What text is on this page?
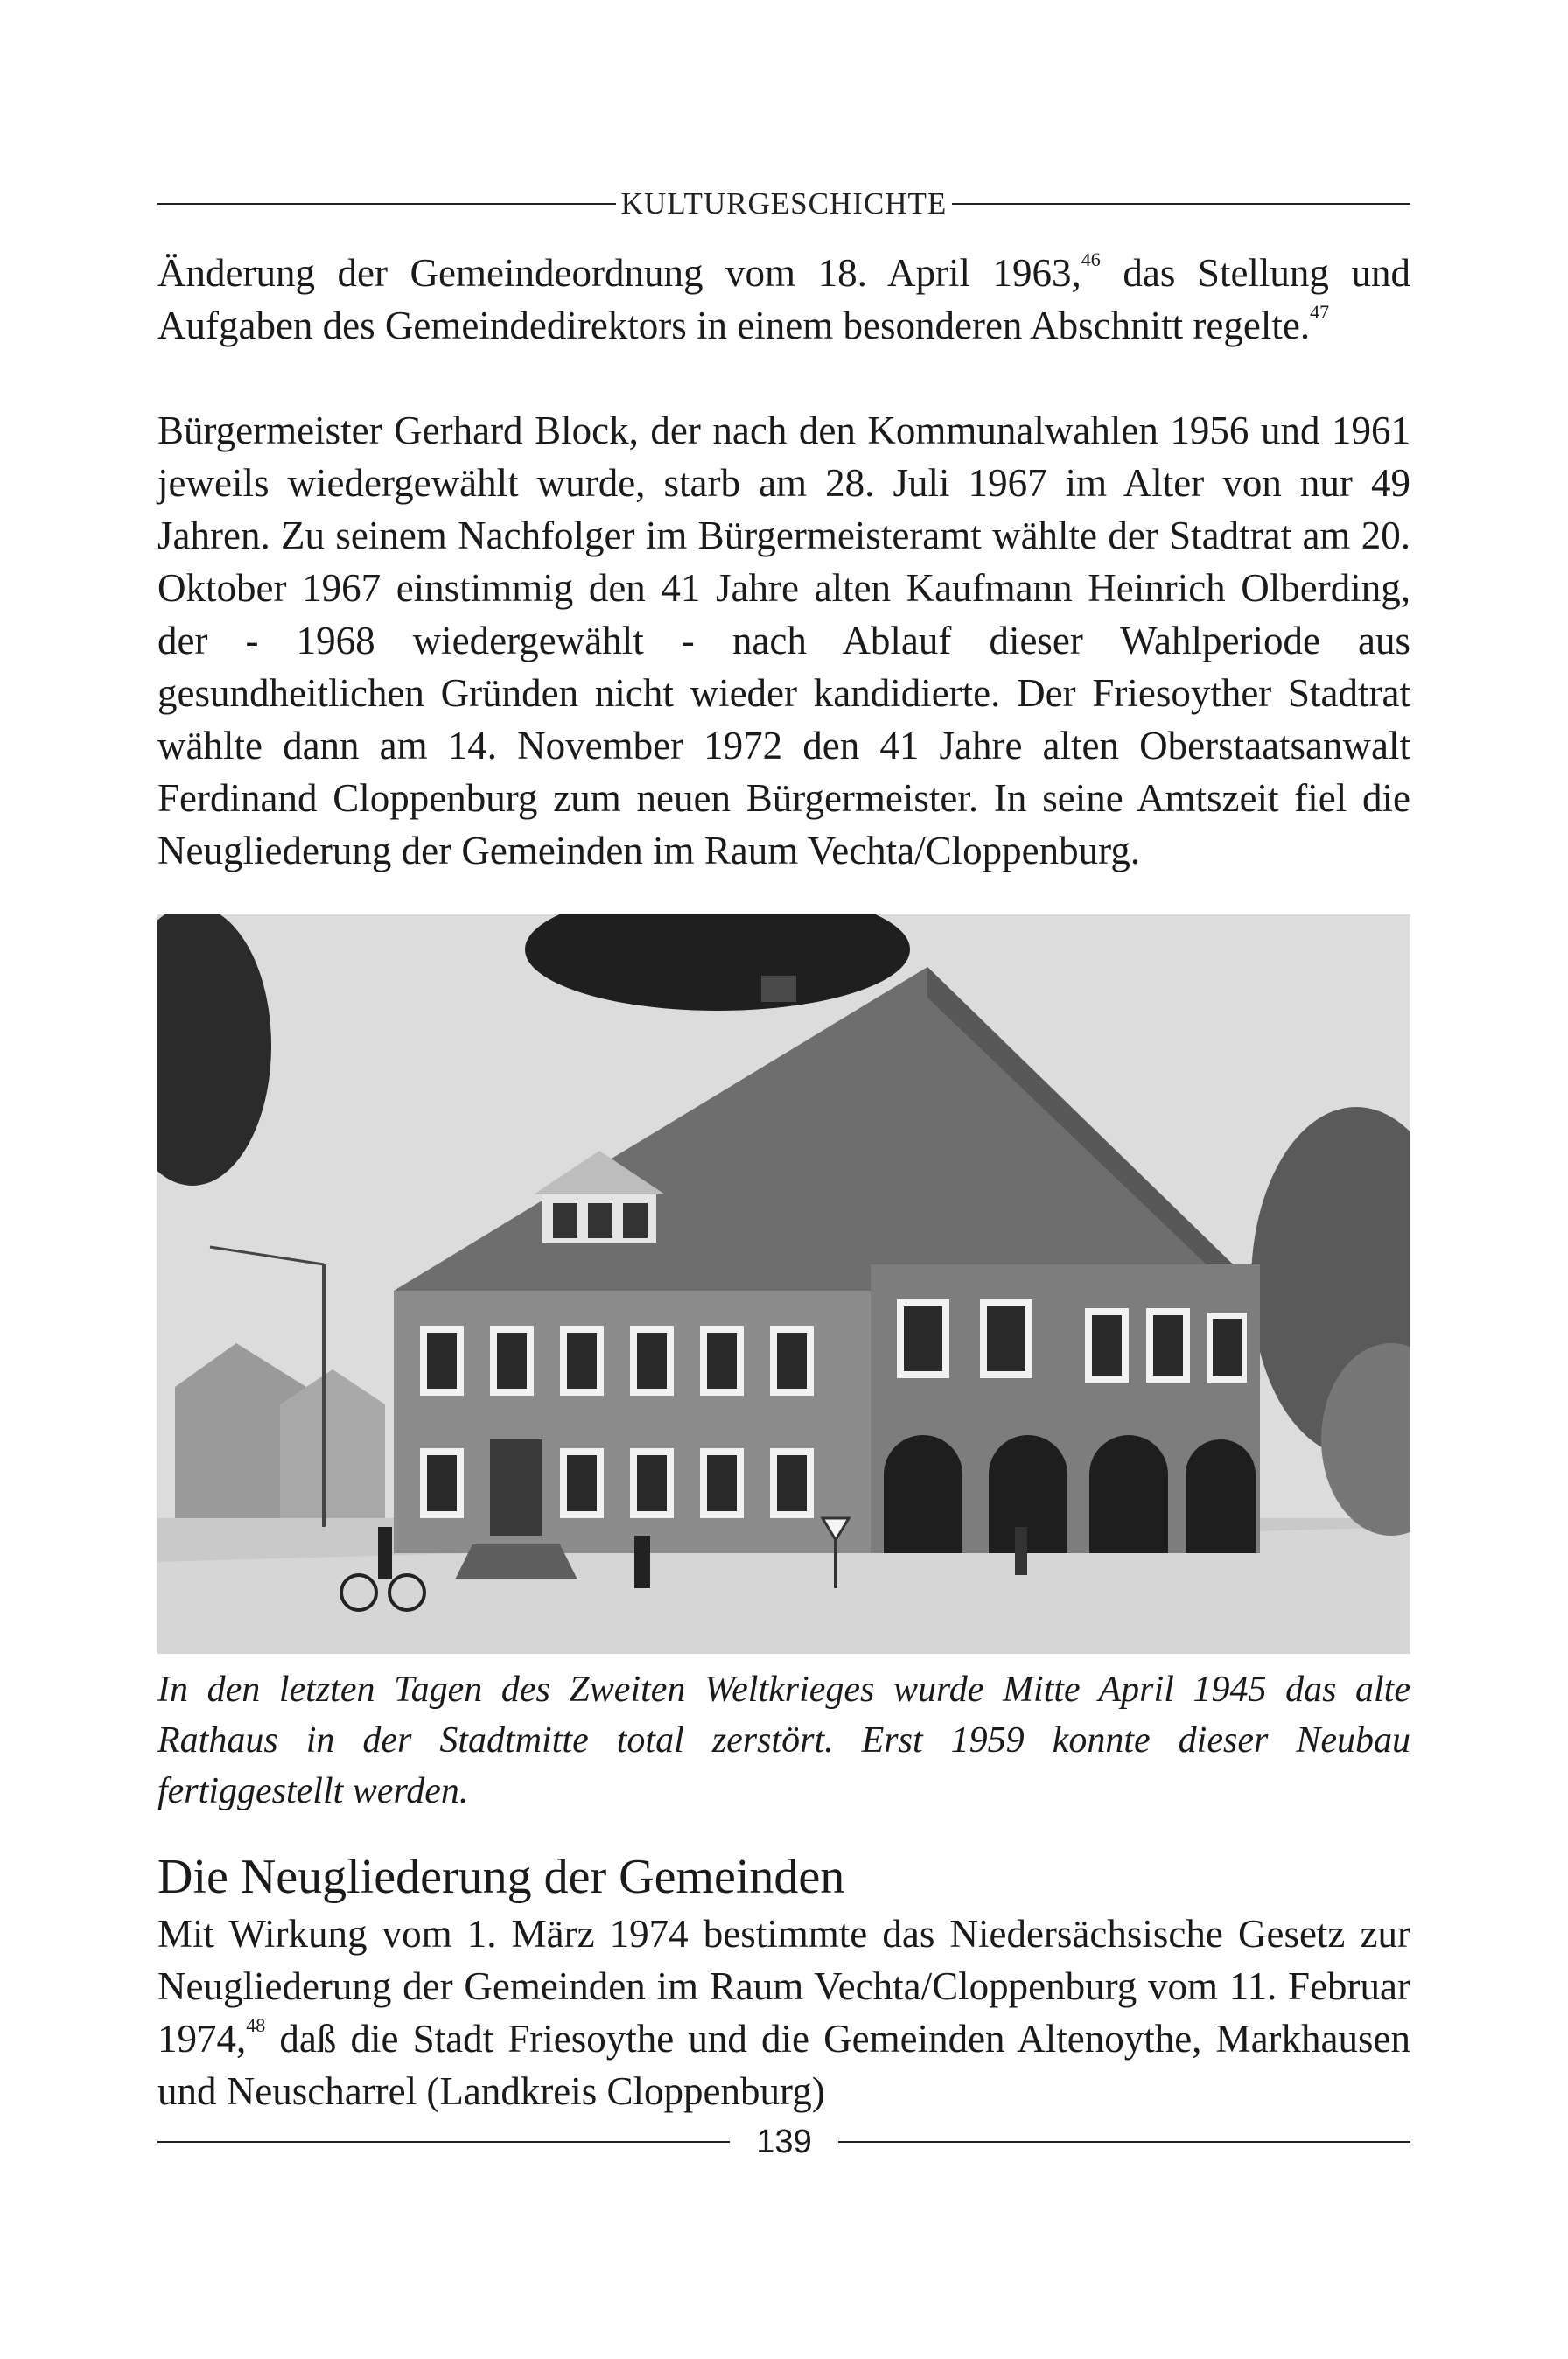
KULTURGESCHICHTE

Änderung der Gemeindeordnung vom 18. April 1963,46 das Stellung und Aufgaben des Gemeindedirektors in einem besonderen Abschnitt regelte.$^{47}$

Bürgermeister Gerhard Block, der nach den Kommunalwahlen 1956 und 1961 jeweils wiedergewählt wurde, starb am 28. Juli 1967 im Alter von nur 49 Jahren. Zu seinem Nachfolger im Bürgermeisteramt wählte der Stadtrat am 20. Oktober 1967 einstimmig den 41 Jahre alten Kaufmann Heinrich Olberding, der - 1968 wiedergewählt - nach Ablauf dieser Wahlperiode aus gesundheitlichen Gründen nicht wieder kandidierte. Der Friesoyther Stadtrat wählte dann am 14. November 1972 den 41 Jahre alten Oberstaatsanwalt Ferdinand Cloppenburg zum neuen Bürgermeister. In seine Amtszeit fiel die Neugliederung der Gemeinden im Raum Vechta/Cloppenburg.

In den letzten Tagen des Zweiten Weltkrieges wurde Mitte April 1945 das alte Rathaus in der Stadtmitte total zerstört. Erst 1959 konnte dieser Neubau fertiggestellt werden.
Die Neugliederung der Gemeinden

Mit Wirkung vom 1. März 1974 bestimmte das Niedersächsische Gesetz zur Neugliederung der Gemeinden im Raum Vechta/Cloppenburg vom 11. Februar 1974,48 daß die Stadt Friesoythe und die Gemeinden Altenoythe, Markhausen und Neuscharrel (Landkreis Cloppenburg)

139
